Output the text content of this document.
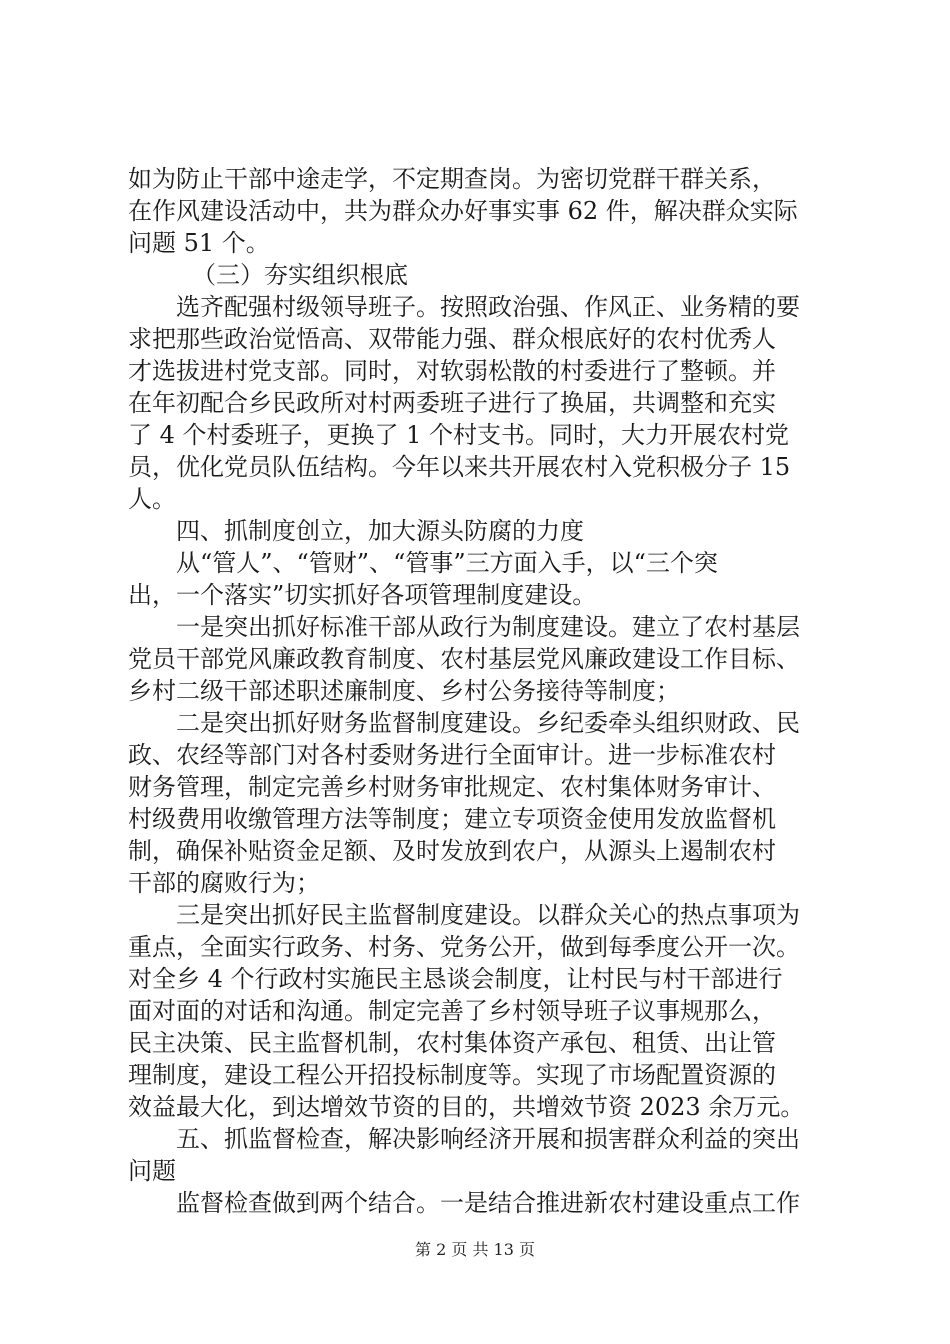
如为防止干部中途走学，不定期查岗。为密切党群干群关系，
在作风建设活动中，共为群众办好事实事 62 件，解决群众实际
问题 51 个。
（三）夯实组织根底
选齐配强村级领导班子。按照政治强、作风正、业务精的要
求把那些政治觉悟高、双带能力强、群众根底好的农村优秀人
才选拔进村党支部。同时，对软弱松散的村委进行了整顿。并
在年初配合乡民政所对村两委班子进行了换届，共调整和充实
了 4 个村委班子，更换了 1 个村支书。同时，大力开展农村党
员，优化党员队伍结构。今年以来共开展农村入党积极分子 15
人。
四、抓制度创立，加大源头防腐的力度
从“管人”、“管财”、“管事”三方面入手，以“三个突
出，一个落实”切实抓好各项管理制度建设。
一是突出抓好标准干部从政行为制度建设。建立了农村基层
党员干部党风廉政教育制度、农村基层党风廉政建设工作目标、
乡村二级干部述职述廉制度、乡村公务接待等制度；
二是突出抓好财务监督制度建设。乡纪委牵头组织财政、民
政、农经等部门对各村委财务进行全面审计。进一步标准农村
财务管理，制定完善乡村财务审批规定、农村集体财务审计、
村级费用收缴管理方法等制度；建立专项资金使用发放监督机
制，确保补贴资金足额、及时发放到农户，从源头上遏制农村
干部的腐败行为；
三是突出抓好民主监督制度建设。以群众关心的热点事项为
重点，全面实行政务、村务、党务公开，做到每季度公开一次。
对全乡 4 个行政村实施民主恳谈会制度，让村民与村干部进行
面对面的对话和沟通。制定完善了乡村领导班子议事规那么，
民主决策、民主监督机制，农村集体资产承包、租赁、出让管
理制度，建设工程公开招投标制度等。实现了市场配置资源的
效益最大化，到达增效节资的目的，共增效节资 2023 余万元。
五、抓监督检查，解决影响经济开展和损害群众利益的突出
问题
监督检查做到两个结合。一是结合推进新农村建设重点工作
第 2 页 共 13 页
